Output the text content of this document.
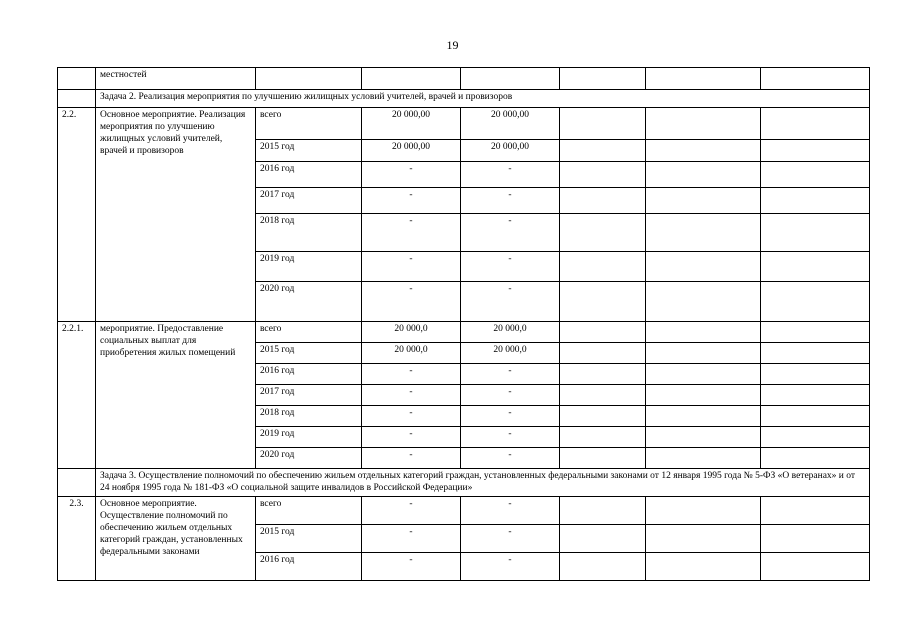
19
	местностей						
	Задача 2. Реализация мероприятия по улучшению жилищных условий учителей, врачей и провизоров						
2.2.	Основное мероприятие. Реализация мероприятия по улучшению жилищных условий учителей, врачей и провизоров	всего	20 000,00	20 000,00			
		2015 год	20 000,00	20 000,00			
		2016 год	-	-			
		2017 год	-	-			
		2018 год	-	-			
		2019 год	-	-			
		2020 год	-	-			
2.2.1.	мероприятие. Предоставление социальных выплат для приобретения жилых помещений	всего	20 000,0	20 000,0			
		2015 год	20 000,0	20 000,0			
		2016 год	-	-			
		2017 год	-	-			
		2018 год	-	-			
		2019 год	-	-			
		2020 год	-	-			
	Задача 3. Осуществление полномочий по обеспечению жильем отдельных категорий граждан, установленных федеральными законами от 12 января 1995 года № 5-ФЗ «О ветеранах» и от 24 ноября 1995 года № 181-ФЗ «О социальной защите инвалидов в Российской Федерации»						
2.3.	Основное мероприятие. Осуществление полномочий по обеспечению жильем отдельных категорий граждан, установленных федеральными законами	всего	-	-			
		2015 год	-	-			
		2016 год	-	-			
